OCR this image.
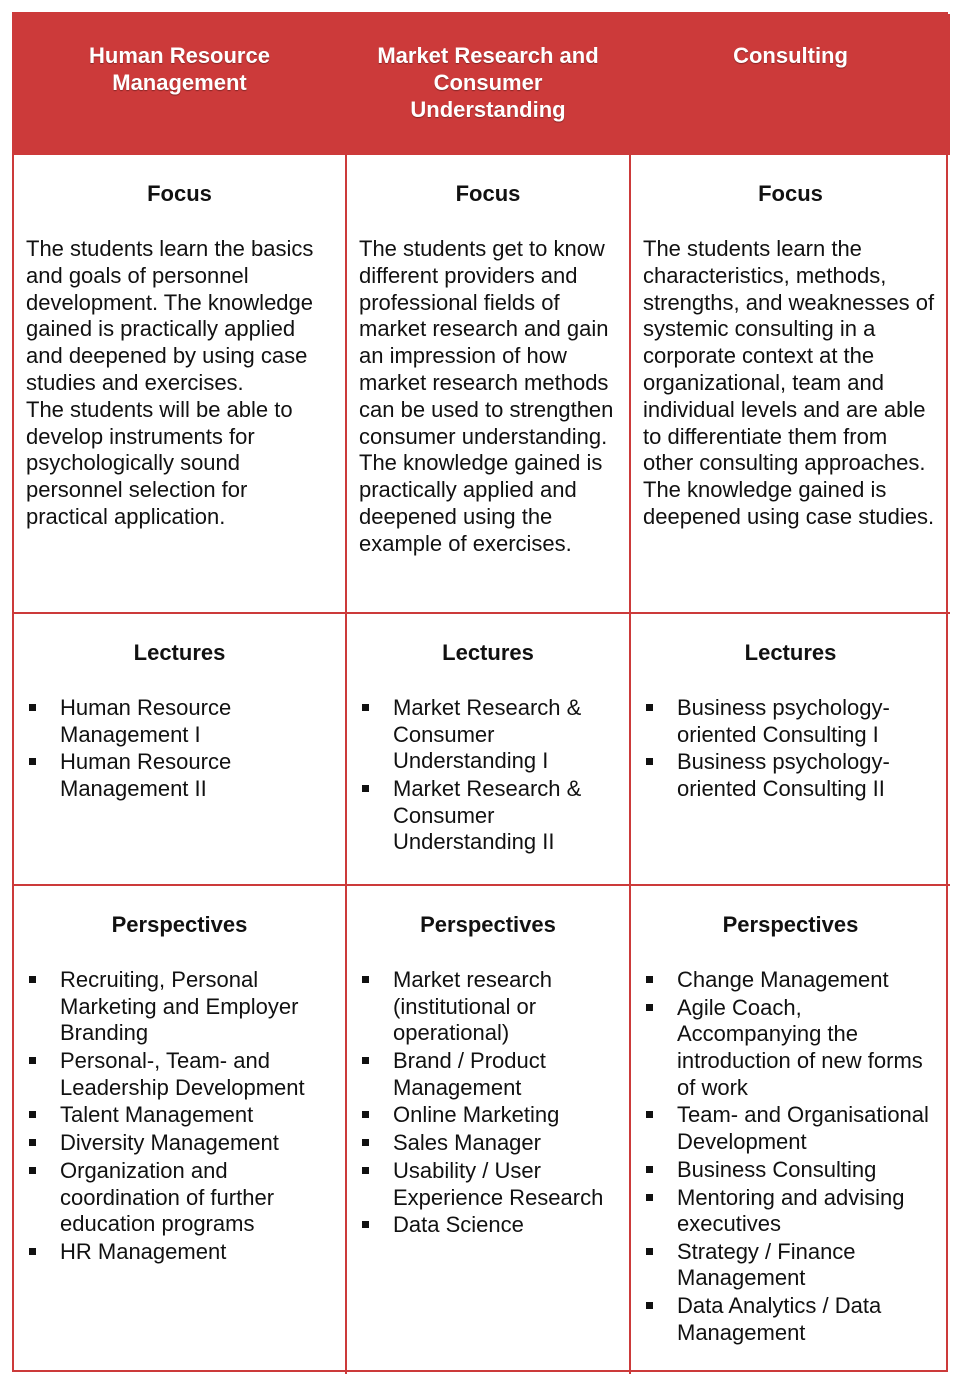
Human Resource Management
Market Research and Consumer Understanding
Consulting
Focus

The students learn the basics and goals of personnel development. The knowledge gained is practically applied and deepened by using case studies and exercises.

The students will be able to develop instruments for psychologically sound personnel selection for practical application.

Focus

The students get to know different providers and professional fields of market research and gain an impression of how market research methods can be used to strengthen consumer understanding. The knowledge gained is practically applied and deepened using the example of exercises.

Focus

The students learn the characteristics, methods, strengths, and weaknesses of systemic consulting in a corporate context at the organizational, team and individual levels and are able to differentiate them from other consulting approaches. The knowledge gained is deepened using case studies.

Lectures
Human Resource Management I
Human Resource Management II
Lectures
Market Research & Consumer Understanding I
Market Research & Consumer Understanding II
Lectures
Business psychology-oriented Consulting I
Business psychology-oriented Consulting II
Perspectives
Recruiting, Personal Marketing and Employer Branding
Personal-, Team- and Leadership Development
Talent Management
Diversity Management
Organization and coordination of further education programs
HR Management
Perspectives
Market research (institutional or operational)
Brand / Product Management
Online Marketing
Sales Manager
Usability / User Experience Research
Data Science
Perspectives
Change Management
Agile Coach, Accompanying the introduction of new forms of work
Team- and Organisational Development
Business Consulting
Mentoring and advising executives
Strategy / Finance Management
Data Analytics / Data Management
